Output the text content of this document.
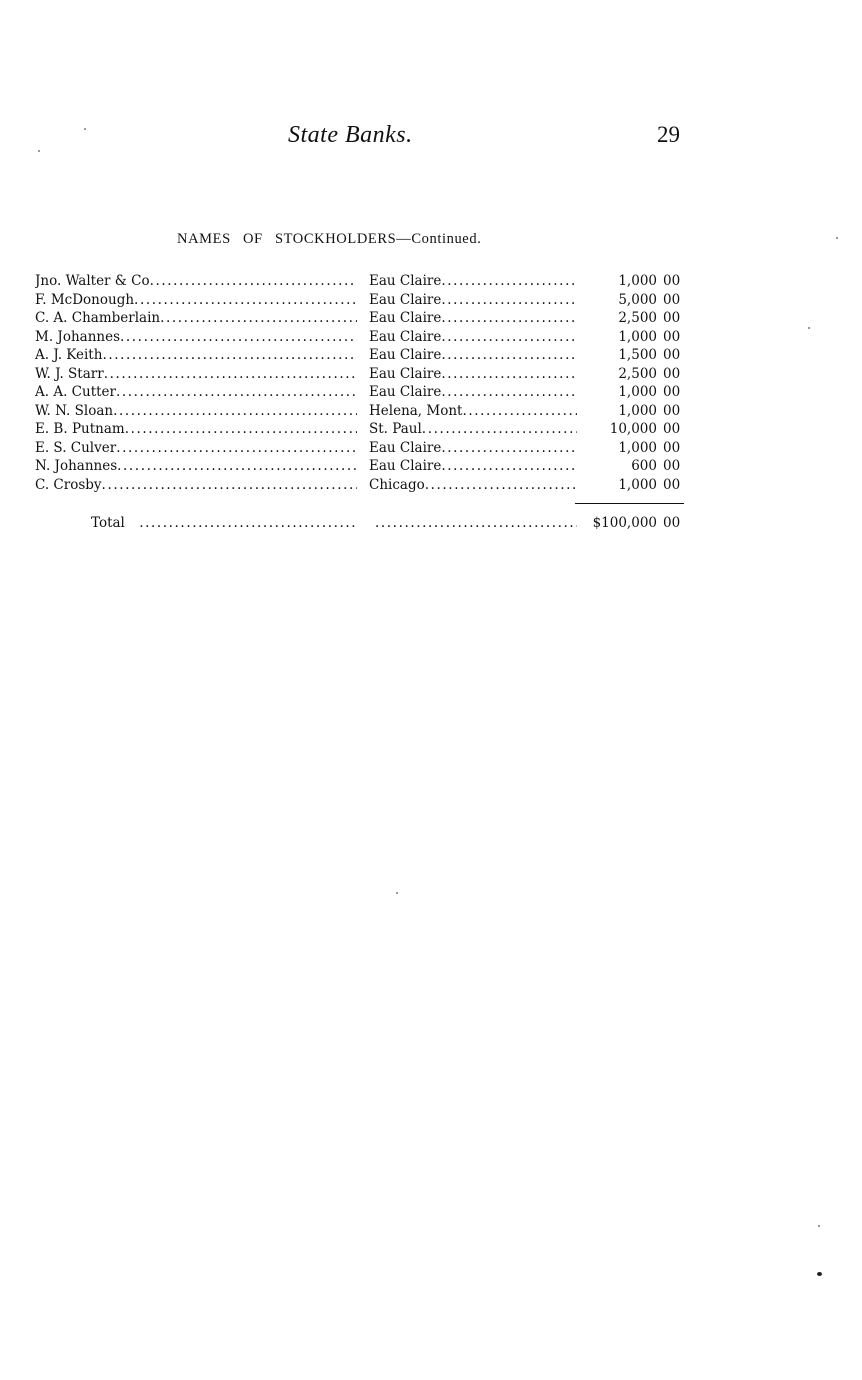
State Banks.	29
NAMES OF STOCKHOLDERS—Continued.
Jno. Walter & Co .....	Eau Claire .....	1,000 00
F. McDonough .....	Eau Claire .....	5,000 00
C. A. Chamberlain .....	Eau Claire .....	2,500 00
M. Johannes .....	Eau Claire .....	1,000 00
A. J. Keith .....	Eau Claire .....	1,500 00
W. J. Starr .....	Eau Claire .....	2,500 00
A. A. Cutter .....	Eau Claire .....	1,000 00
W. N. Sloan .....	Helena, Mont .....	1,000 00
E. B. Putnam .....	St. Paul .....	10,000 00
E. S. Culver .....	Eau Claire .....	1,000 00
N. Johannes .....	Eau Claire .....	600 00
C. Crosby .....	Chicago .....	1,000 00
Total ..... .....	$100,000 00
